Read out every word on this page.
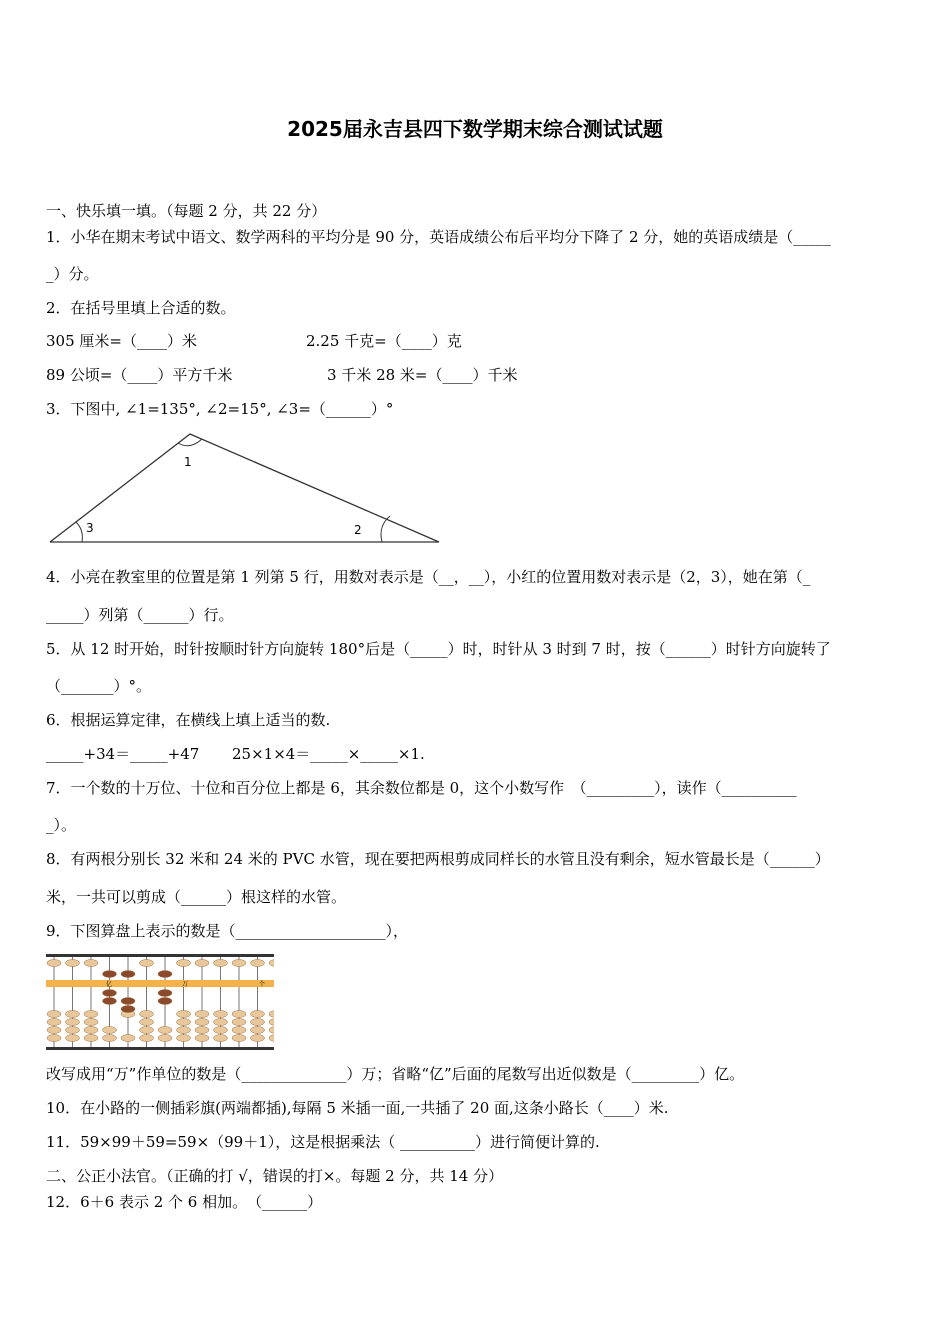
2025届永吉县四下数学期末综合测试试题
一、快乐填一填。（每题 2 分，共 22 分）
1．小华在期末考试中语文、数学两科的平均分是 90 分，英语成绩公布后平均分下降了 2 分，她的英语成绩是（_____
_）分。
2．在括号里填上合适的数。
305 厘米=（____）米	2.25 千克=（____）克
89 公顷=（____）平方千米	3 千米 28 米=（____）千米
3．下图中, ∠1=135°, ∠2=15°, ∠3=（______）°
1
2
3
4．小亮在教室里的位置是第 1 列第 5 行，用数对表示是（__，__），小红的位置用数对表示是（2，3），她在第（_
_____）列第（______）行。
5．从 12 时开始，时针按顺时针方向旋转 180°后是（_____）时，时针从 3 时到 7 时，按（______）时针方向旋转了
（_______）°。
6．根据运算定律，在横线上填上适当的数.
_____+34＝_____+47 25×1×4＝_____×_____×1.
7．一个数的十万位、十位和百分位上都是 6，其余数位都是 0，这个小数写作　（_________），读作（__________
_）。
8．有两根分别长 32 米和 24 米的 PVC 水管，现在要把两根剪成同样长的水管且没有剩余，短水管最长是（______）
米，一共可以剪成（______）根这样的水管。
9．下图算盘上表示的数是（____________________），
亿	万	个
改写成用“万”作单位的数是（______________）万；省略“亿”后面的尾数写出近似数是（_________）亿。
10．在小路的一侧插彩旗(两端都插),每隔 5 米插一面,一共插了 20 面,这条小路长（____）米.
11．59×99＋59=59×（99＋1），这是根据乘法（ __________）进行简便计算的.
二、公正小法官。（正确的打 √，错误的打×。每题 2 分，共 14 分）
12．6＋6 表示 2 个 6 相加。　（______）
